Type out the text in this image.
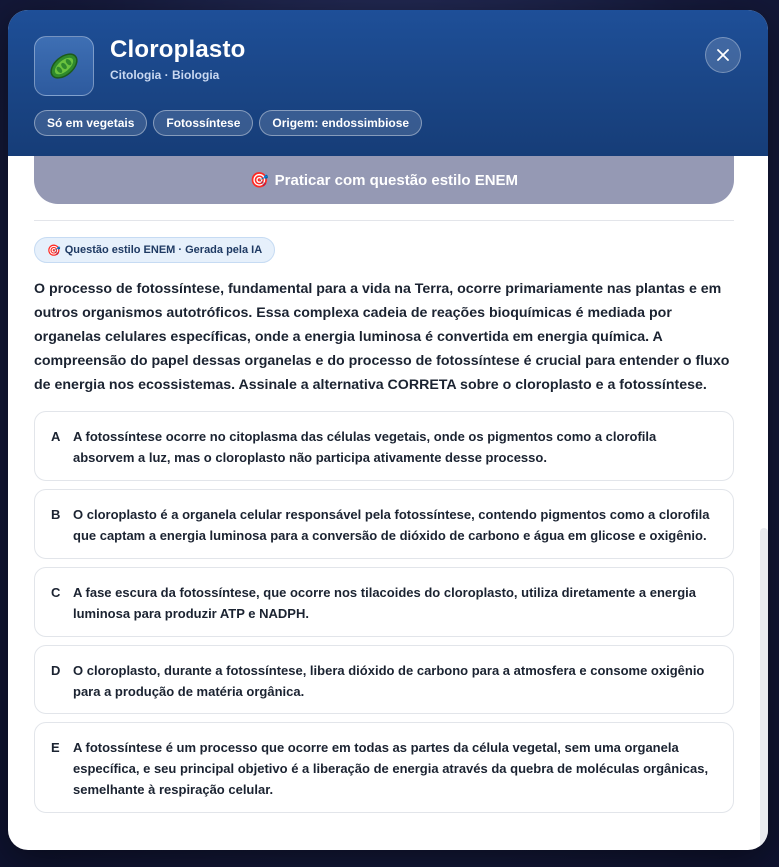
Cloroplasto
Citologia · Biologia
Só em vegetais	Fotossíntese	Origem: endossimbiose
🎯 Praticar com questão estilo ENEM
🎯 Questão estilo ENEM · Gerada pela IA

O processo de fotossíntese, fundamental para a vida na Terra, ocorre primariamente nas plantas e em outros organismos autotróficos. Essa complexa cadeia de reações bioquímicas é mediada por organelas celulares específicas, onde a energia luminosa é convertida em energia química. A compreensão do papel dessas organelas e do processo de fotossíntese é crucial para entender o fluxo de energia nos ecossistemas. Assinale a alternativa CORRETA sobre o cloroplasto e a fotossíntese.

A A fotossíntese ocorre no citoplasma das células vegetais, onde os pigmentos como a clorofila absorvem a luz, mas o cloroplasto não participa ativamente desse processo.
B O cloroplasto é a organela celular responsável pela fotossíntese, contendo pigmentos como a clorofila que captam a energia luminosa para a conversão de dióxido de carbono e água em glicose e oxigênio.
C A fase escura da fotossíntese, que ocorre nos tilacoides do cloroplasto, utiliza diretamente a energia luminosa para produzir ATP e NADPH.
D O cloroplasto, durante a fotossíntese, libera dióxido de carbono para a atmosfera e consome oxigênio para a produção de matéria orgânica.
E	A fotossíntese é um processo que ocorre em todas as partes da célula vegetal, sem uma organela específica, e seu principal objetivo é a liberação de energia através da quebra de moléculas orgânicas, semelhante à respiração celular.
